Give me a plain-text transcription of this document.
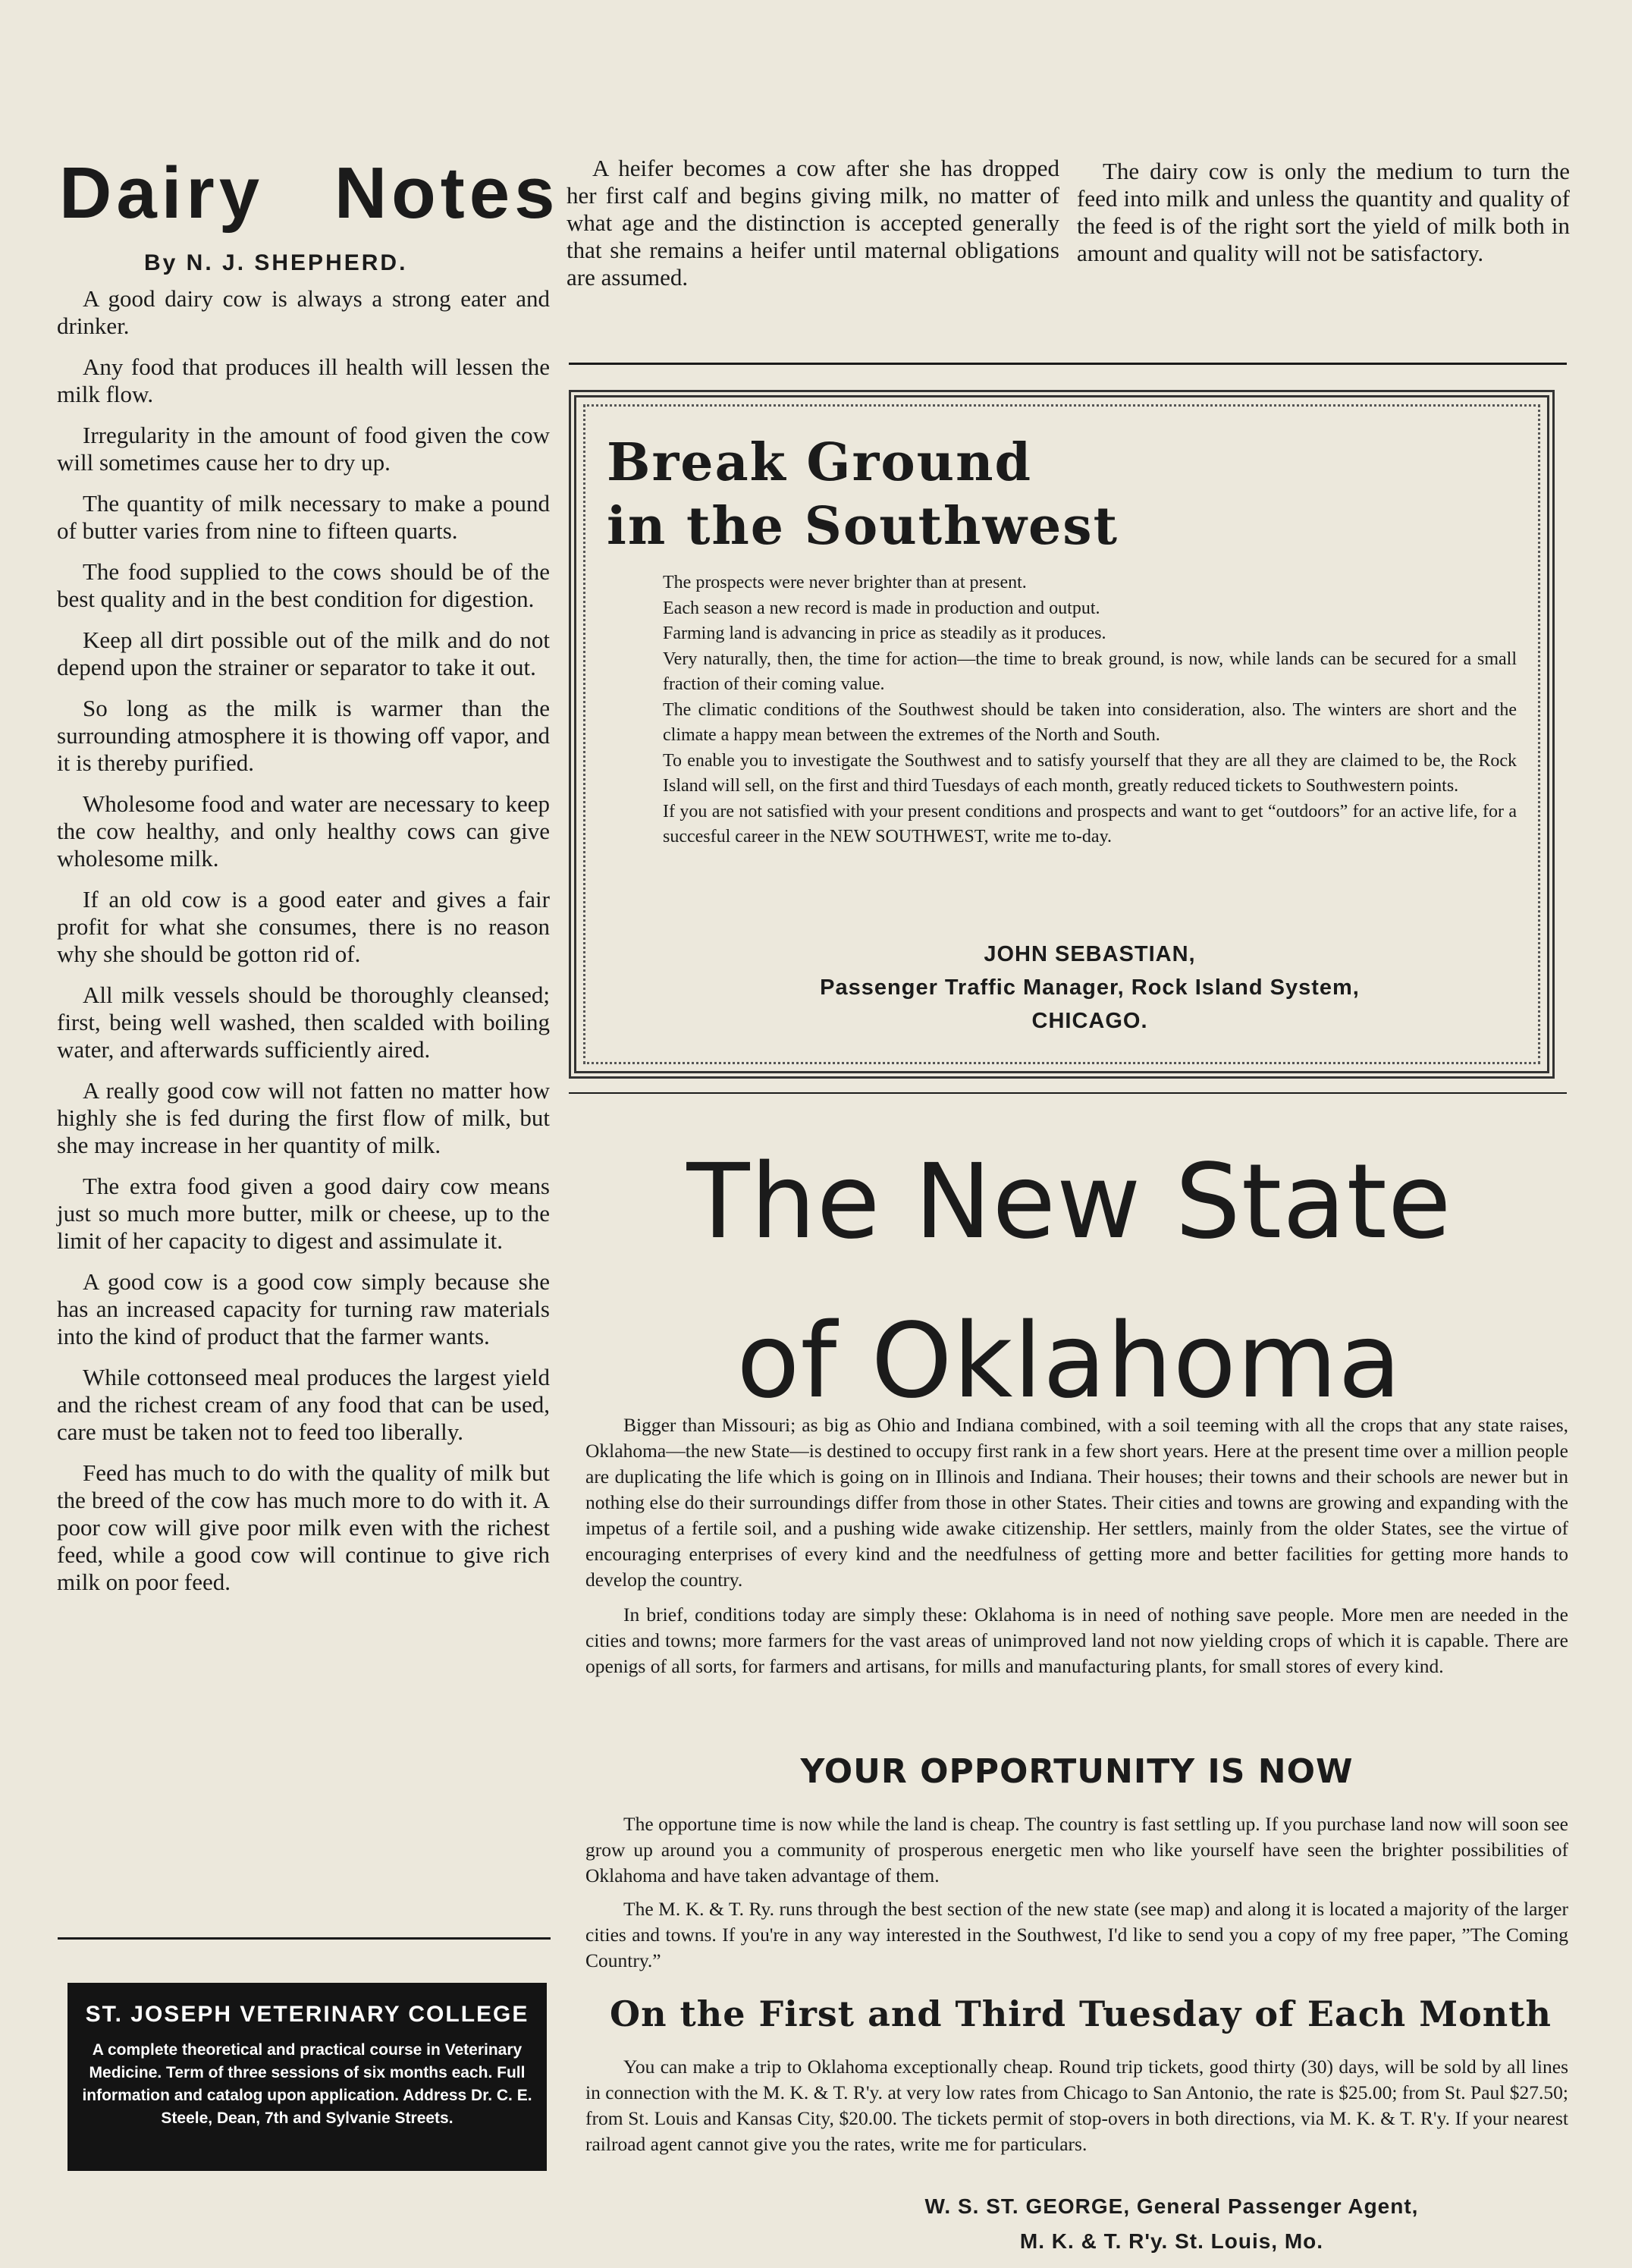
Dairy Notes
By N. J. SHEPHERD.

A good dairy cow is always a strong eater and drinker.

Any food that produces ill health will lessen the milk flow.

Irregularity in the amount of food given the cow will sometimes cause her to dry up.

The quantity of milk necessary to make a pound of butter varies from nine to fifteen quarts.

The food supplied to the cows should be of the best quality and in the best condition for digestion.

Keep all dirt possible out of the milk and do not depend upon the strainer or separator to take it out.

So long as the milk is warmer than the surrounding atmosphere it is thowing off vapor, and it is thereby purified.

Wholesome food and water are necessary to keep the cow healthy, and only healthy cows can give wholesome milk.

If an old cow is a good eater and gives a fair profit for what she consumes, there is no reason why she should be gotton rid of.

All milk vessels should be thoroughly cleansed; first, being well washed, then scalded with boiling water, and afterwards sufficiently aired.

A really good cow will not fatten no matter how highly she is fed during the first flow of milk, but she may increase in her quantity of milk.

The extra food given a good dairy cow means just so much more butter, milk or cheese, up to the limit of her capacity to digest and assimulate it.

A good cow is a good cow simply because she has an increased capacity for turning raw materials into the kind of product that the farmer wants.

While cottonseed meal produces the largest yield and the richest cream of any food that can be used, care must be taken not to feed too liberally.

Feed has much to do with the quality of milk but the breed of the cow has much more to do with it. A poor cow will give poor milk even with the richest feed, while a good cow will continue to give rich milk on poor feed.

ST. JOSEPH VETERINARY COLLEGE
A complete theoretical and practical course in Veterinary Medicine. Term of three sessions of six months each. Full information and catalog upon application. Address Dr. C. E. Steele, Dean, 7th and Sylvanie Streets.

A heifer becomes a cow after she has dropped her first calf and begins giving milk, no matter of what age and the distinction is accepted generally that she remains a heifer until maternal obligations are assumed.

The dairy cow is only the medium to turn the feed into milk and unless the quantity and quality of the feed is of the right sort the yield of milk both in amount and quality will not be satisfactory.

Break Ground
in the Southwest

The prospects were never brighter than at present.

Each season a new record is made in production and output.

Farming land is advancing in price as steadily as it produces.

Very naturally, then, the time for action—the time to break ground, is now, while lands can be secured for a small fraction of their coming value.

The climatic conditions of the Southwest should be taken into consideration, also. The winters are short and the climate a happy mean between the extremes of the North and South.

To enable you to investigate the Southwest and to satisfy yourself that they are all they are claimed to be, the Rock Island will sell, on the first and third Tuesdays of each month, greatly reduced tickets to Southwestern points.

If you are not satisfied with your present conditions and prospects and want to get “outdoors” for an active life, for a succesful career in the NEW SOUTHWEST, write me to-day.

JOHN SEBASTIAN,
Passenger Traffic Manager, Rock Island System,
CHICAGO.
The New State
of Oklahoma

Bigger than Missouri; as big as Ohio and Indiana combined, with a soil teeming with all the crops that any state raises, Oklahoma—the new State—is destined to occupy first rank in a few short years. Here at the present time over a million people are duplicating the life which is going on in Illinois and Indiana. Their houses; their towns and their schools are newer but in nothing else do their surroundings differ from those in other States. Their cities and towns are growing and expanding with the impetus of a fertile soil, and a pushing wide awake citizenship. Her settlers, mainly from the older States, see the virtue of encouraging enterprises of every kind and the needfulness of getting more and better facilities for getting more hands to develop the country.

In brief, conditions today are simply these: Oklahoma is in need of nothing save people. More men are needed in the cities and towns; more farmers for the vast areas of unimproved land not now yielding crops of which it is capable. There are openigs of all sorts, for farmers and artisans, for mills and manufacturing plants, for small stores of every kind.

YOUR OPPORTUNITY IS NOW

The opportune time is now while the land is cheap. The country is fast settling up. If you purchase land now will soon see grow up around you a community of prosperous energetic men who like yourself have seen the brighter possibilities of Oklahoma and have taken advantage of them.

The M. K. & T. Ry. runs through the best section of the new state (see map) and along it is located a majority of the larger cities and towns. If you're in any way interested in the Southwest, I'd like to send you a copy of my free paper, ”The Coming Country.”

On the First and Third Tuesday of Each Month

You can make a trip to Oklahoma exceptionally cheap. Round trip tickets, good thirty (30) days, will be sold by all lines in connection with the M. K. & T. R'y. at very low rates from Chicago to San Antonio, the rate is $25.00; from St. Paul $27.50; from St. Louis and Kansas City, $20.00. The tickets permit of stop-overs in both directions, via M. K. & T. R'y. If your nearest railroad agent cannot give you the rates, write me for particulars.

W. S. ST. GEORGE, General Passenger Agent,
M. K. & T. R'y. St. Louis, Mo.
